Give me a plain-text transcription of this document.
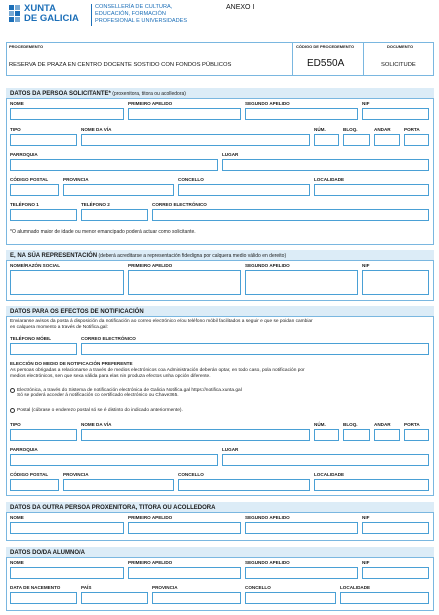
XUNTA
DE GALICIA
CONSELLERÍA DE CULTURA,
EDUCACIÓN, FORMACIÓN
PROFESIONAL E UNIVERSIDADES
ANEXO I
PROCEDEMENTO
RESERVA DE PRAZA EN CENTRO DOCENTE SOSTIDO CON FONDOS PÚBLICOS
CÓDIGO DE PROCEDEMENTO
ED550A
DOCUMENTO
SOLICITUDE
DATOS DA PERSOA SOLICITANTE* (proxenitora, titora ou acolledora)
NOME	PRIMEIRO APELIDO	SEGUNDO APELIDO	NIF
TIPO	NOME DA VÍA	NÚM.	BLOQ.	ANDAR	PORTA
PARROQUIA	LUGAR
CÓDIGO POSTAL	PROVINCIA	CONCELLO	LOCALIDADE
TELÉFONO 1	TELÉFONO 2	CORREO ELECTRÓNICO
*O alumnado maior de idade ou menor emancipado poderá actuar como solicitante.
E, NA SÚA REPRESENTACIÓN (deberá acreditarse a representación fidedigna por calquera medio válido en dereito)
NOME/RAZÓN SOCIAL	PRIMEIRO APELIDO	SEGUNDO APELIDO	NIF
DATOS PARA OS EFECTOS DE NOTIFICACIÓN
Enviaranse avisos da posta á disposición da notificación ao correo electrónico e/ou teléfono móbil facilitados a seguir e que se poidan cambiar
en calquera momento a través de Notifica.gal:
TELÉFONO MÓBIL	CORREO ELECTRÓNICO
ELECCIÓN DO MEDIO DE NOTIFICACIÓN PREFERENTE
As persoas obrigadas a relacionarse a través de medios electrónicos coa Administración deberán optar, en todo caso, pola notificación por
medios electrónicos, sen que sexa válida para elas nin produza efectos unha opción diferente.
Electrónica, a través do Sistema de notificación electrónica de Galicia Notifica.gal https://notifica.xunta.gal
Só se poderá acceder á notificación co certificado electrónico ou Chave365.
Postal (cúbrase o enderezo postal só se é distinto do indicado anteriormente).
TIPO	NOME DA VÍA	NÚM.	BLOQ.	ANDAR	PORTA
PARROQUIA	LUGAR
CÓDIGO POSTAL	PROVINCIA	CONCELLO	LOCALIDADE
DATOS DA OUTRA PERSOA PROXENITORA, TITORA OU ACOLLEDORA
NOME	PRIMEIRO APELIDO	SEGUNDO APELIDO	NIF
DATOS DO/DA ALUMNO/A
NOME	PRIMEIRO APELIDO	SEGUNDO APELIDO	NIF
DATA DE NACEMENTO	PAÍS	PROVINCIA	CONCELLO	LOCALIDADE
